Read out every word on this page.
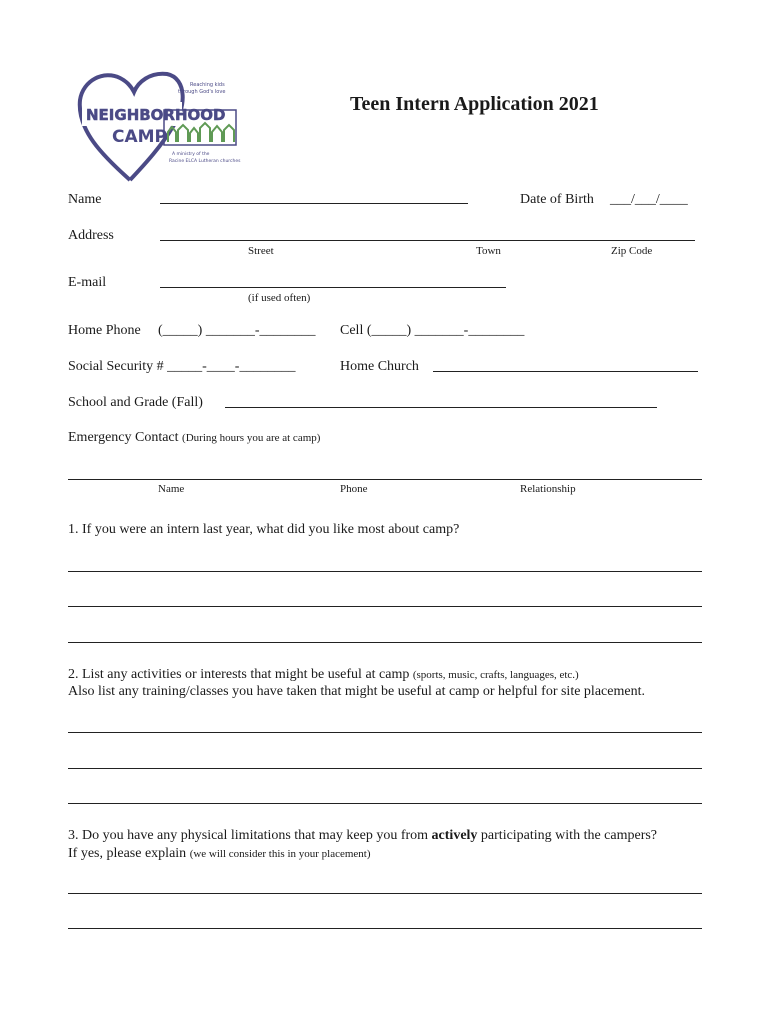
NEIGHBORHOOD
CAMP
Reaching kids
through God's love
A ministry of the
Racine ELCA Lutheran churches
Teen Intern Application 2021
Name	Date of Birth ___/___/____
Address
Street	Town	Zip Code
E-mail
(if used often)
Home Phone (_____) _______-________ Cell (_____) _______-________
Social Security # _____-____-________	Home Church
School and Grade (Fall)
Emergency Contact (During hours you are at camp)
Name	Phone	Relationship
1. If you were an intern last year, what did you like most about camp?
2. List any activities or interests that might be useful at camp (sports, music, crafts, languages, etc.)
Also list any training/classes you have taken that might be useful at camp or helpful for site placement.
3. Do you have any physical limitations that may keep you from actively participating with the campers?
If yes, please explain (we will consider this in your placement)
